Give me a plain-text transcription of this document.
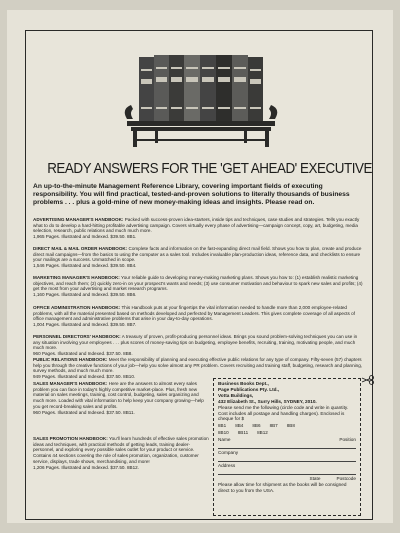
READY ANSWERS FOR THE 'GET AHEAD' EXECUTIVE
An up-to-the-minute Management Reference Library, covering important fields of executing responsibility. You will find practical, tested-and-proven solutions to literally thousands of business problems . . . plus a gold-mine of new money-making ideas and insights. Please read on.
ADVERTISING MANAGER'S HANDBOOK: Packed with success-proven idea-starters, inside tips and techniques, case studies and strategies. Tells you exactly what to do to develop a hard-hitting profitable advertising campaign. Covers virtually every phase of advertising—campaign concept, copy, art, budgeting, media selection, research, public relations and much much more.
1,965 Pages. Illustrated and Indexed. $39.50. 8B1.
DIRECT MAIL & MAIL ORDER HANDBOOK: Complete facts and information on the fast-expanding direct mail field. Shows you how to plan, create and produce direct mail campaigns—from the basics to using the computer as a sales tool. Includes invaluable plan-production ideas, reference data, and checklists to ensure your mailings are a success. Unmatched in scope.
1,546 Pages. Illustrated and Indexed. $39.50. 8B4.
MARKETING MANAGER'S HANDBOOK: Your reliable guide to developing money-making marketing plans. Shows you how to: (1) establish realistic marketing objectives, and reach them; (2) quickly zero-in on your prospect's wants and needs; (3) use consumer motivation and behaviour to spark new sales and profits; (4) get the most from your advertising and market research programs.
1,160 Pages. Illustrated and Indexed. $39.50. 8B6.
OFFICE ADMINISTRATION HANDBOOK: This Handbook puts at your fingertips the vital information needed to handle more than 2,000 employee-related problems, with all the material presented based on methods developed and perfected by Management Leaders. This gives complete coverage of all aspects of office management and administrative problems that arise in your day-to-day operations.
1,004 Pages. Illustrated and Indexed. $39.50. 8B7.
PERSONNEL DIRECTORS' HANDBOOK: A treasury of proven, profit-producing personnel ideas. Brings you sound problem-solving techniques you can use in any situation involving your employees . . . plus scores of money-saving tips on budgeting, employee benefits, recruiting, training, motivating people, and much much more.
960 Pages. Illustrated and Indexed. $37.50. 8B8.
PUBLIC RELATIONS HANDBOOK: Meet the responsibility of planning and executing effective public relations for any type of company. Fifty-seven (57) chapters help you through the creative functions of your job—help you solve almost any PR problem. Covers recruiting and training staff, budgeting, research and planning, survey methods, and much much more.
949 Pages. Illustrated and Indexed. $37.50. 8B10.
SALES MANAGER'S HANDBOOK: Here are the answers to almost every sales problem you can face in today's highly competitive market-place. Plus, fresh new material on sales meetings, training, cost control, budgeting, sales organizing and much more. Loaded with vital information to help keep your company growing—help you get record-breaking sales and profits.
960 Pages. Illustrated and Indexed. $37.50. 8B11.
SALES PROMOTION HANDBOOK: You'll learn hundreds of effective sales promotion ideas and techniques, with practical methods of getting leads, training dealer-personnel, and exploring every possible sales outlet for your product or service. Contains 44 sections covering the role of sales promotion, organization, customer service, displays, trade shows, merchandising, and more!
1,206 Pages. Illustrated and Indexed. $37.50. 8B12.
Business Books Dept.,
Page Publications Pty. Ltd.,
Votta Buildings,
432 Elizabeth St., Surry Hills, SYDNEY, 2010.
Please send me the following (circle code and write in quantity. Cost includes all postage and handling charges). Enclosed is cheque for $
8B1 8B4 8B6 8B7 8B8
8B10 8B11 8B12
Name	Position
Company
Address
State	Postcode
Please allow time for shipment as the books will be consigned direct to you from the USA.
